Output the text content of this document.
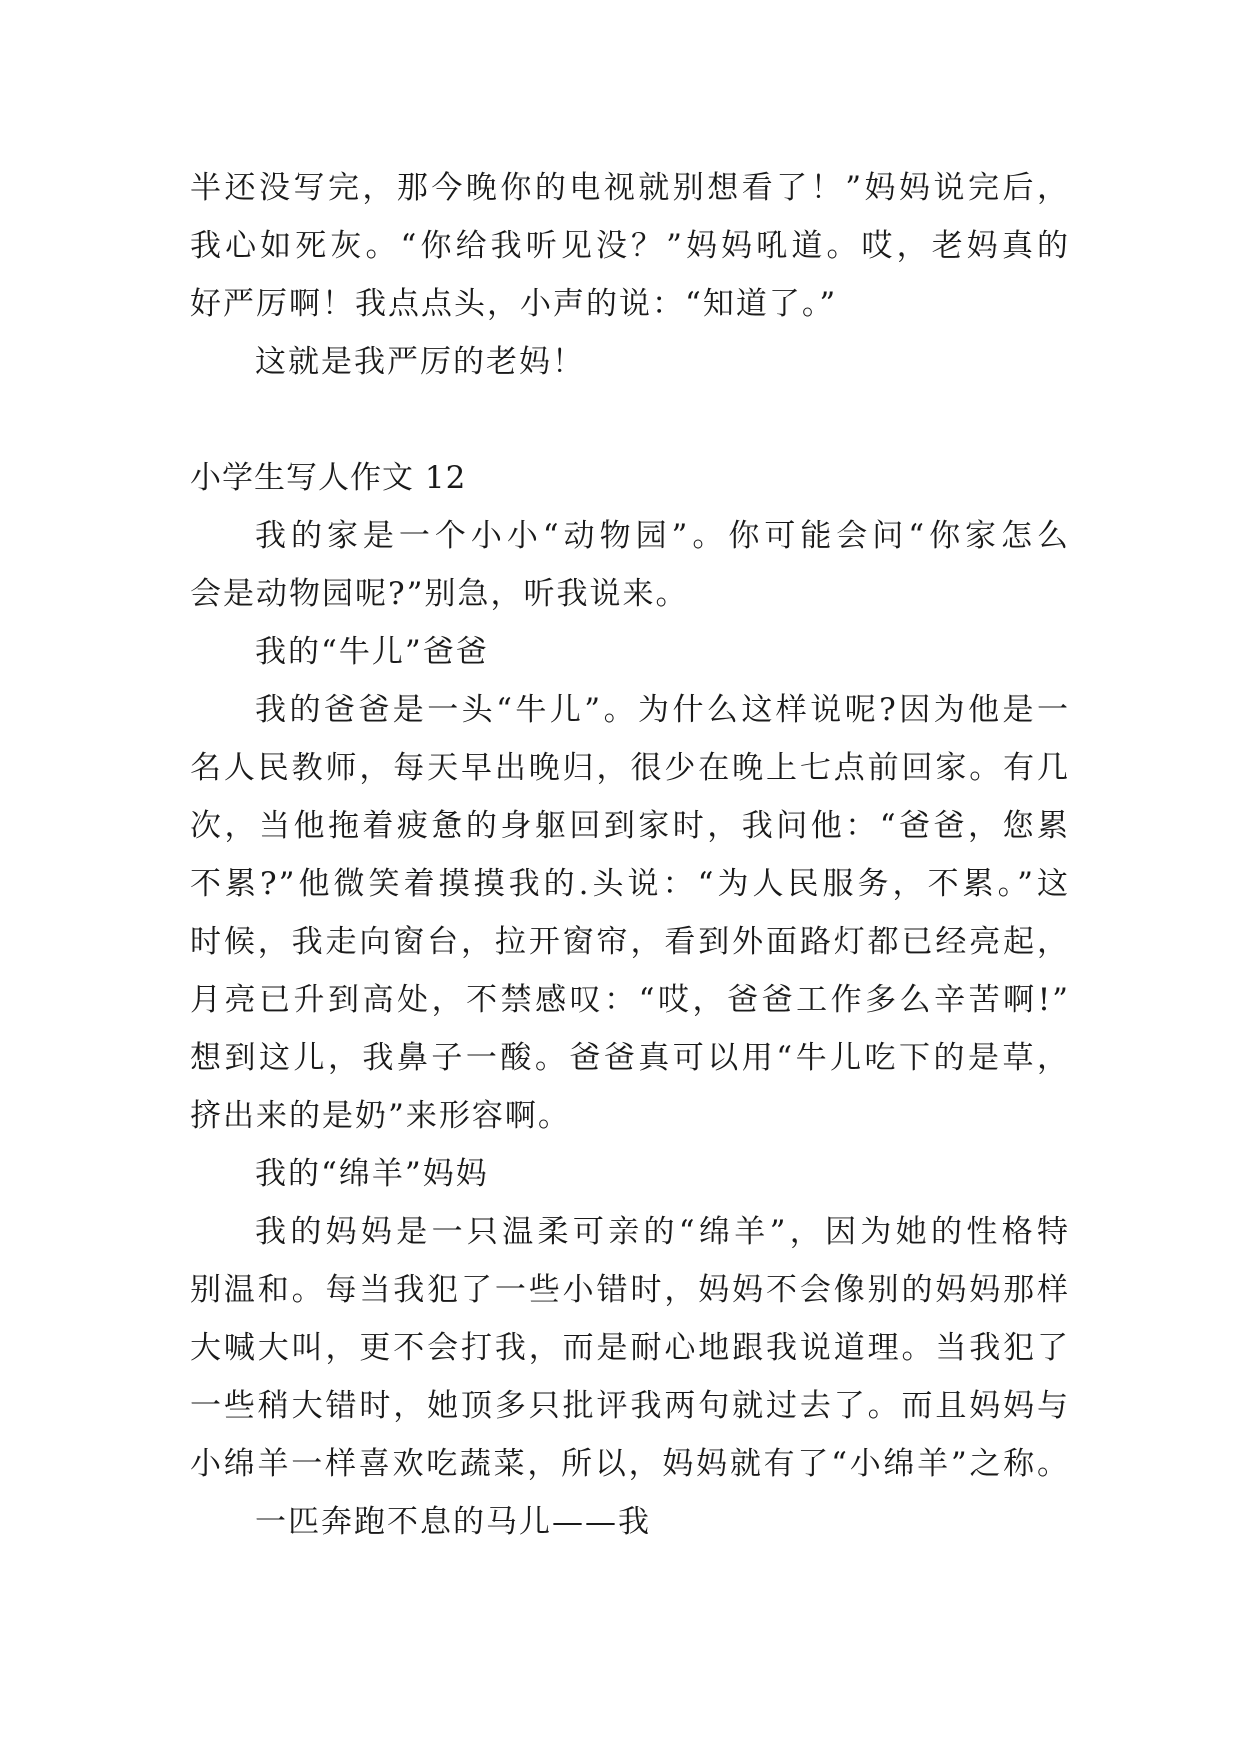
半还没写完，那今晚你的电视就别想看了！”妈妈说完后，

我心如死灰。“你给我听见没？”妈妈吼道。哎，老妈真的

好严厉啊！我点点头，小声的说：“知道了。”

这就是我严厉的老妈！

小学生写人作文 12

我的家是一个小小“动物园”。你可能会问“你家怎么

会是动物园呢?”别急，听我说来。

我的“牛儿”爸爸

我的爸爸是一头“牛儿”。为什么这样说呢?因为他是一

名人民教师，每天早出晚归，很少在晚上七点前回家。有几

次，当他拖着疲惫的身躯回到家时，我问他：“爸爸，您累

不累?”他微笑着摸摸我的.头说：“为人民服务，不累。”这

时候，我走向窗台，拉开窗帘，看到外面路灯都已经亮起，

月亮已升到高处，不禁感叹：“哎，爸爸工作多么辛苦啊!”

想到这儿，我鼻子一酸。爸爸真可以用“牛儿吃下的是草，

挤出来的是奶”来形容啊。

我的“绵羊”妈妈

我的妈妈是一只温柔可亲的“绵羊”，因为她的性格特

别温和。每当我犯了一些小错时，妈妈不会像别的妈妈那样

大喊大叫，更不会打我，而是耐心地跟我说道理。当我犯了

一些稍大错时，她顶多只批评我两句就过去了。而且妈妈与

小绵羊一样喜欢吃蔬菜，所以，妈妈就有了“小绵羊”之称。

一匹奔跑不息的马儿——我
